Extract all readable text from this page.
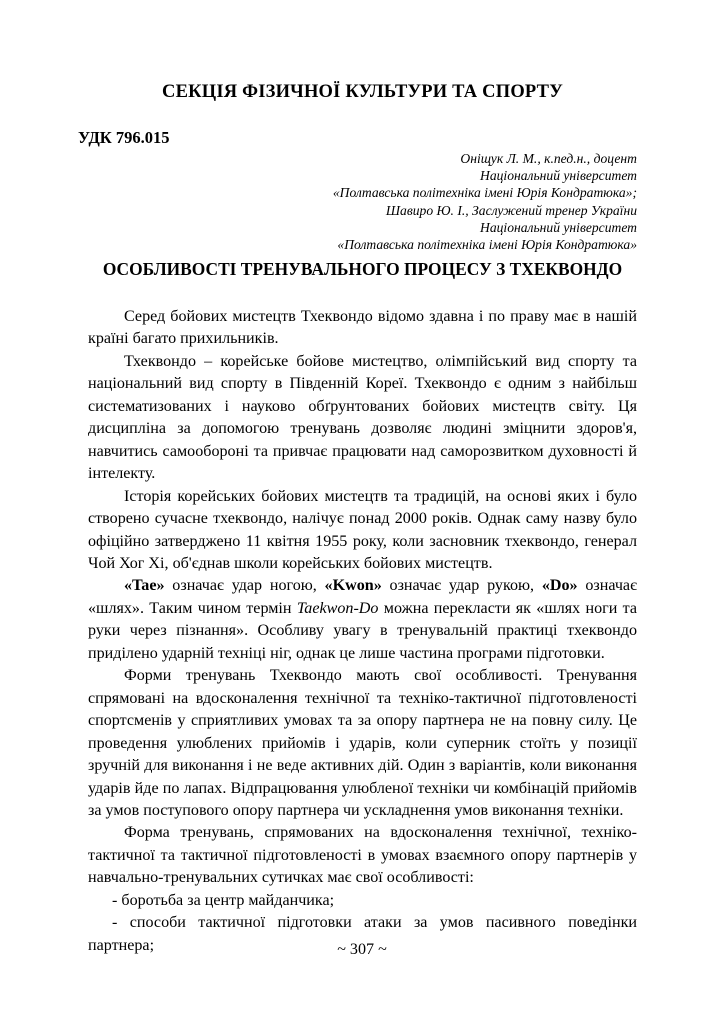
СЕКЦІЯ ФІЗИЧНОЇ КУЛЬТУРИ ТА СПОРТУ
УДК 796.015
Оніщук Л. М., к.пед.н., доцент
Національний університет
«Полтавська політехніка імені Юрія Кондратюка»;
Шавиро Ю. І., Заслужений тренер України
Національний університет
«Полтавська політехніка імені Юрія Кондратюка»
ОСОБЛИВОСТІ ТРЕНУВАЛЬНОГО ПРОЦЕСУ З ТХЕКВОНДО

Серед бойових мистецтв Тхеквондо відомо здавна і по праву має в нашій країні багато прихильників.

Тхеквондо – корейське бойове мистецтво, олімпійський вид спорту та національний вид спорту в Південній Кореї. Тхеквондо є одним з найбільш систематизованих і науково обґрунтованих бойових мистецтв світу. Ця дисципліна за допомогою тренувань дозволяє людині зміцнити здоров'я, навчитись самообороні та привчає працювати над саморозвитком духовності й інтелекту.

Історія корейських бойових мистецтв та традицій, на основі яких і було створено сучасне тхеквондо, налічує понад 2000 років. Однак саму назву було офіційно затверджено 11 квітня 1955 року, коли засновник тхеквондо, генерал Чой Хог Хі, об'єднав школи корейських бойових мистецтв.

«Tae» означає удар ногою, «Kwon» означає удар рукою, «Do» означає «шлях». Таким чином термін Taekwon-Do можна перекласти як «шлях ноги та руки через пізнання». Особливу увагу в тренувальній практиці тхеквондо приділено ударній техніці ніг, однак це лише частина програми підготовки.

Форми тренувань Тхеквондо мають свої особливості. Тренування спрямовані на вдосконалення технічної та техніко-тактичної підготовленості спортсменів у сприятливих умовах та за опору партнера не на повну силу. Це проведення улюблених прийомів і ударів, коли суперник стоїть у позиції зручній для виконання і не веде активних дій. Один з варіантів, коли виконання ударів йде по лапах. Відпрацювання улюбленої техніки чи комбінацій прийомів за умов поступового опору партнера чи ускладнення умов виконання техніки.

Форма тренувань, спрямованих на вдосконалення технічної, техніко-тактичної та тактичної підготовленості в умовах взаємного опору партнерів у навчально-тренувальних сутичках має свої особливості:

- боротьба за центр майданчика;

- способи тактичної підготовки атаки за умов пасивного поведінки партнера;	~ 307 ~
